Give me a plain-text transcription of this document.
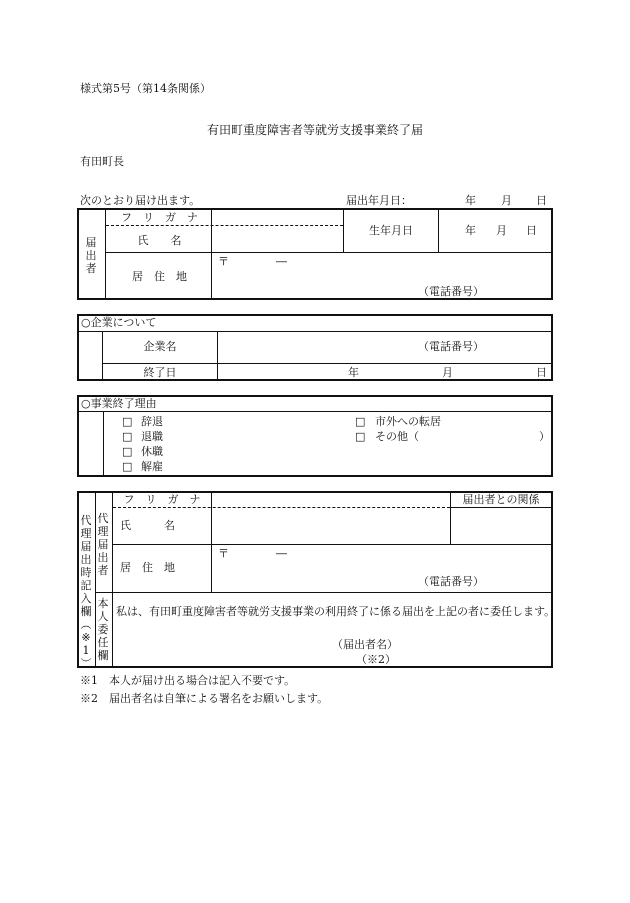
様式第5号（第14条関係）
有田町重度障害者等就労支援事業終了届
有田町長
次のとおり届け出ます。	届出年月日：	年 月 日
届
出
者
フ　リ　ガ　ナ
氏　　名
生年月日	年 月 日
居　住　地
〒	―
（電話番号）
○企業について
企業名	（電話番号）
終了日	年	月	日
○事業終了理由
□ 辞退
□ 退職
□ 休職
□ 解雇
□ 市外への転居
□ その他（	）
代
理
届
出
時
記
入
欄
︵
※
1
︶
代
理
届
出
者
フ　リ　ガ　ナ	届出者との関係
氏　　　名
居　住　地
〒	―
（電話番号）
本
人
委
任
欄
私は、有田町重度障害者等就労支援事業の利用終了に係る届出を上記の者に委任します。
（届出者名）
（※2）
※1　本人が届け出る場合は記入不要です。
※2　届出者名は自筆による署名をお願いします。
